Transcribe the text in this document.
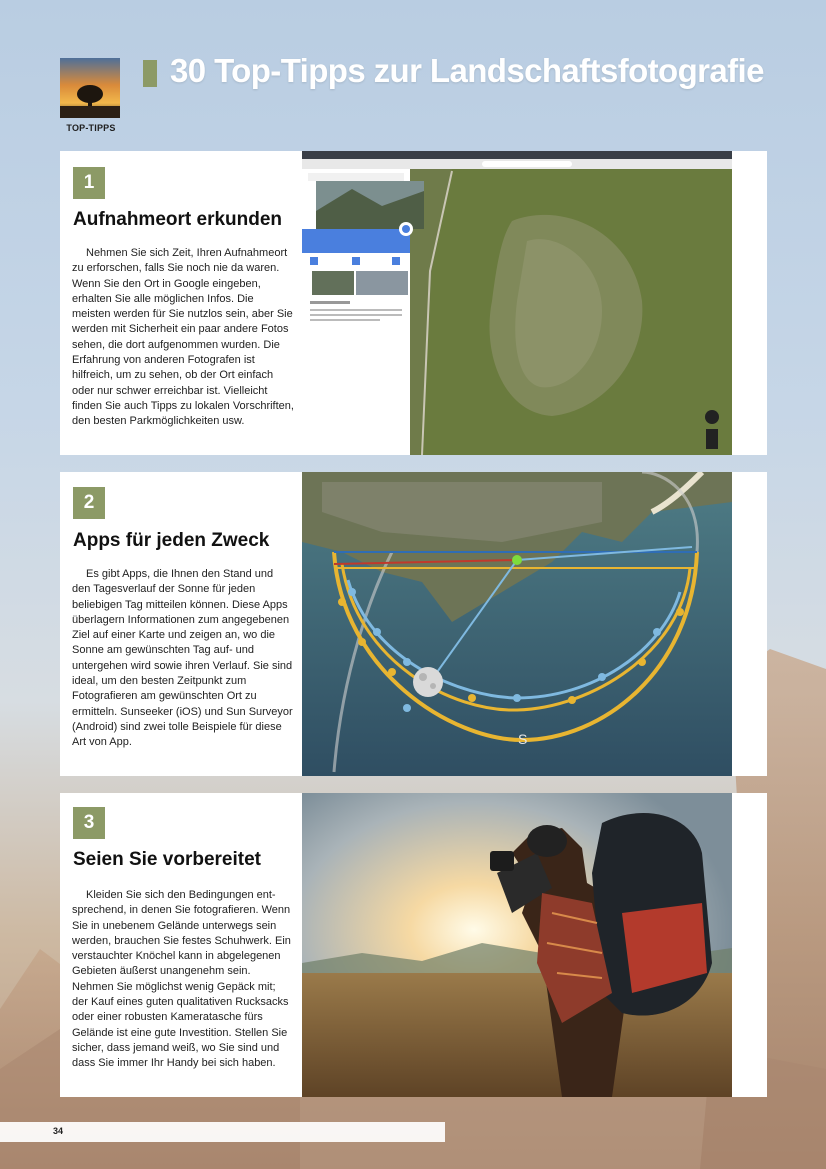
TOP-TIPPS
30 Top-Tipps zur Landschaftsfotografie
1
Aufnahmeort erkunden

Nehmen Sie sich Zeit, Ihren Aufnahmeort zu erforschen, falls Sie noch nie da waren. Wenn Sie den Ort in Google eingeben, erhalten Sie alle möglichen Infos. Die meisten werden für Sie nutzlos sein, aber Sie werden mit Sicherheit ein paar andere Fotos sehen, die dort aufgenommen wurden. Die Erfahrung von anderen Fotografen ist hilfreich, um zu sehen, ob der Ort einfach oder nur schwer erreichbar ist. Vielleicht finden Sie auch Tipps zu lokalen Vorschriften, den besten Parkmöglichkeiten usw.

2
Apps für jeden Zweck

Es gibt Apps, die Ihnen den Stand und den Tagesverlauf der Sonne für jeden beliebigen Tag mitteilen können. Diese Apps überlagern Informationen zum angegebenen Ziel auf einer Karte und zeigen an, wo die Sonne am gewünschten Tag auf- und untergehen wird sowie ihren Verlauf. Sie sind ideal, um den besten Zeitpunkt zum Fotografieren am gewünschten Ort zu ermitteln. Sunseeker (iOS) und Sun Surveyor (Android) sind zwei tolle Beispiele für diese Art von App.	S
3
Seien Sie vorbereitet

Kleiden Sie sich den Bedingungen entsprechend, in denen Sie fotografieren. Wenn Sie in unebenem Gelände unterwegs sein werden, brauchen Sie festes Schuhwerk. Ein verstauchter Knöchel kann in abgelegenen Gebieten äußerst unangenehm sein. Nehmen Sie möglichst wenig Gepäck mit; der Kauf eines guten qualitativen Rucksacks oder einer robusten Kameratasche fürs Gelände ist eine gute Investition. Stellen Sie sicher, dass jemand weiß, wo Sie sind und dass Sie immer Ihr Handy bei sich haben.

34
